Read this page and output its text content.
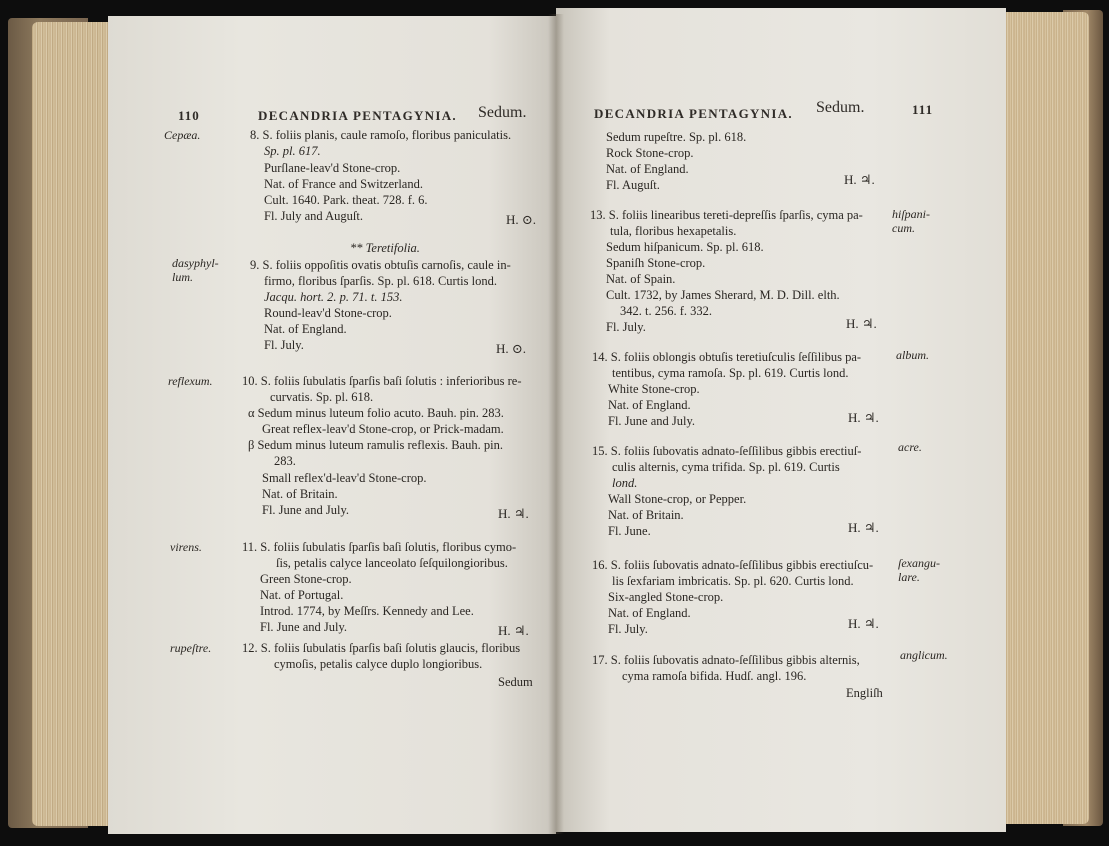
110	DECANDRIA PENTAGYNIA. Sedum.
Cepæa.
dasyphyl-
lum.
reflexum.
virens.
rupeſtre.
8. S. foliis planis, caule ramoſo, floribus paniculatis.
Sp. pl. 617.
Purſlane-leav'd Stone-crop.
Nat. of France and Switzerland.
Cult. 1640. Park. theat. 728. f. 6.
Fl. July and Auguſt.	H. ⊙.
** Teretifolia.
9. S. foliis oppoſitis ovatis obtuſis carnoſis, caule in-
firmo, floribus ſparſis. Sp. pl. 618. Curtis lond.
Jacqu. hort. 2. p. 71. t. 153.
Round-leav'd Stone-crop.
Nat. of England.
Fl. July.	H. ⊙.
10. S. foliis ſubulatis ſparſis baſi ſolutis : inferioribus re-
curvatis. Sp. pl. 618.
α Sedum minus luteum folio acuto. Bauh. pin. 283.
Great reflex-leav'd Stone-crop, or Prick-madam.
β Sedum minus luteum ramulis reflexis. Bauh. pin.
283.
Small reflex'd-leav'd Stone-crop.
Nat. of Britain.
Fl. June and July.	H. ♃.
11. S. foliis ſubulatis ſparſis baſi ſolutis, floribus cymo-
ſis, petalis calyce lanceolato ſeſquilongioribus.
Green Stone-crop.
Nat. of Portugal.
Introd. 1774, by Meſſrs. Kennedy and Lee.
Fl. June and July.	H. ♃.
12. S. foliis ſubulatis ſparſis baſi ſolutis glaucis, floribus
cymoſis, petalis calyce duplo longioribus.
Sedum
DECANDRIA PENTAGYNIA. Sedum.	111
hiſpani-
cum.
album.
acre.
ſexangu-
lare.
anglicum.
Sedum rupeſtre. Sp. pl. 618.
Rock Stone-crop.
Nat. of England.
Fl. Auguſt.	H. ♃.
13. S. foliis linearibus tereti-depreſſis ſparſis, cyma pa-
tula, floribus hexapetalis.
Sedum hiſpanicum. Sp. pl. 618.
Spaniſh Stone-crop.
Nat. of Spain.
Cult. 1732, by James Sherard, M. D. Dill. elth.
342. t. 256. f. 332.
Fl. July.	H. ♃.
14. S. foliis oblongis obtuſis teretiuſculis ſeſſilibus pa-
tentibus, cyma ramoſa. Sp. pl. 619. Curtis lond.
White Stone-crop.
Nat. of England.
Fl. June and July.	H. ♃.
15. S. foliis ſubovatis adnato-ſeſſilibus gibbis erectiuſ-
culis alternis, cyma trifida. Sp. pl. 619. Curtis
lond.
Wall Stone-crop, or Pepper.
Nat. of Britain.
Fl. June.	H. ♃.
16. S. foliis ſubovatis adnato-ſeſſilibus gibbis erectiuſcu-
lis ſexfariam imbricatis. Sp. pl. 620. Curtis lond.
Six-angled Stone-crop.
Nat. of England.
Fl. July.	H. ♃.
17. S. foliis ſubovatis adnato-ſeſſilibus gibbis alternis,
cyma ramoſa bifida. Hudſ. angl. 196.
Engliſh
